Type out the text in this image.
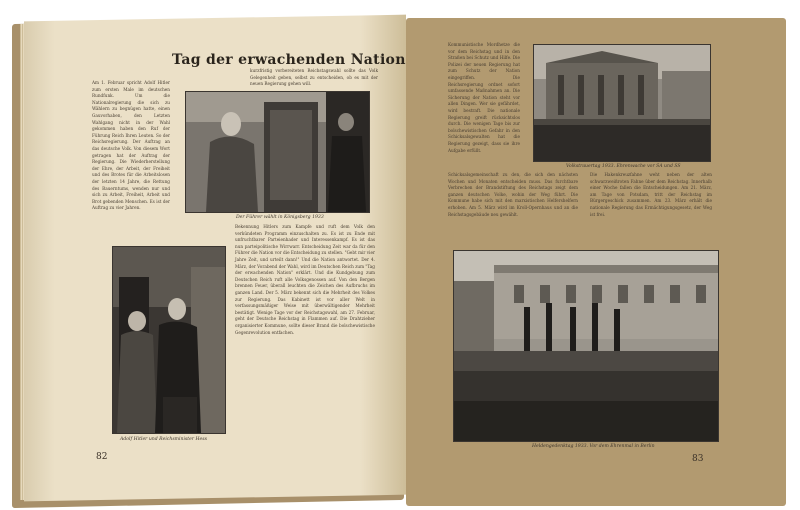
Tag der erwachenden Nation
Am 1. Februar spricht Adolf Hitler zum ersten Male im deutschen Rundfunk. Um die Nationalregierung die sich zu Wählern zu begnügen hatte, einen Gauvorhaben, den Letzten Wahlgang nicht in der Wahl gekommen haben den Ruf der Führung Reich Ihren Leuten. So der Reichsregierung. Der Auftrag an das deutsche Volk. Von diesem Wort getragen hat der Auftrag der Regierung. Die Wiederherstellung der Ehre, der Arbeit, der Freiheit und des Brotes für die Arbeitslosen der letzten 14 Jahre, die Rettung des Bauerntums, wenden nur und sich zu Arbeit, Freiheit, Arbeit und Brot gebenden Menschen. Es ist der Auftrag zu vier Jahren.
kurzfristig vorbereiteten Reichstagswahl sollte das Volk Gelegenheit geben, selbst zu entscheiden, ob es mit der neuen Regierung gehen will.
Der Führer wählt in Königsberg 1933
Bekennung Hitlers zum Kampfe und ruft dem Volk den verkündeten Programm einzuschalten zu. Es ist zu Ende mit unfruchtbarer Parteienhader und Interessenkampf. Es ist das nun parteipolitische Wirrwarr. Entscheidung Zeit war da für den Führer die Nation vor die Entscheidung zu stellen. "Gebt mir vier Jahre Zeit, und urteilt dann!" Und die Nation antwortet. Der 4. März, der Vorabend der Wahl, wird im Deutschen Reich zum "Tag der erwachenden Nation" erklärt. Und die Kundgebung zum Deutschen Reich ruft alle Volksgenossen auf. Von den Bergen brennen Feuer, überall leuchten die Zeichen des Aufbruchs im ganzen Land. Der 5. März bekennt sich die Mehrheit des Volkes zur Regierung. Das Kabinett ist vor aller Welt in verfassungsmäßiger Weise mit überwältigender Mehrheit bestätigt. Wenige Tage vor der Reichstagswahl, am 27. Februar, geht der Deutsche Reichstag in Flammen auf. Die Drahtzieher organisierter Kommune, sollte dieser Brand die bolschewistische Gegenrevolution entfachen.
Adolf Hitler und Reichsminister Hess
82
Kommunistische Mordhetze die vor dem Reichstag und in den Straßen bei Schutz und Hilfe. Die Polizei der neuen Regierung hat zum Schutz der Nation eingegriffen. Die Reichsregierung ordnet sofort umfassende Maßnahmen an. Die Sicherung der Nation steht vor allen Dingen. Wer sie gefährdet, wird bestraft. Die nationale Regierung greift rücksichtslos durch. Die wenigen Tage bis zur bolschewistischen Gefahr in den Schicksalsgewalten hat die Regierung gezeigt, dass sie ihre Aufgabe erfüllt.
Volkstrauertag 1933. Ehrenwache vor SA und SS
Schicksalsgemeinschaft zu den, die sich den nächsten Wochen und Monaten entscheiden muss. Das furchtbare Verbrechen der Brandstiftung des Reichstags zeigt dem ganzen deutschen Volke, wohin der Weg führt. Die Kommune habe sich mit den marxistischen Helfershelfern erhoben. Am 5. März wird im Kroll-Opernhaus und an die Reichstagsgebäude neu gewählt.
Die Hakenkreuzfahne weht neben der alten schwarzweißroten Fahne über dem Reichstag. Innerhalb einer Woche fallen die Entscheidungen. Am 21. März, am Tage von Potsdam, tritt der Reichstag im Bürgergeschick zusammen. Am 23. März erhält die nationale Regierung das Ermächtigungsgesetz, der Weg ist frei.
Heldengedenktag 1933. Vor dem Ehrenmal in Berlin
83
